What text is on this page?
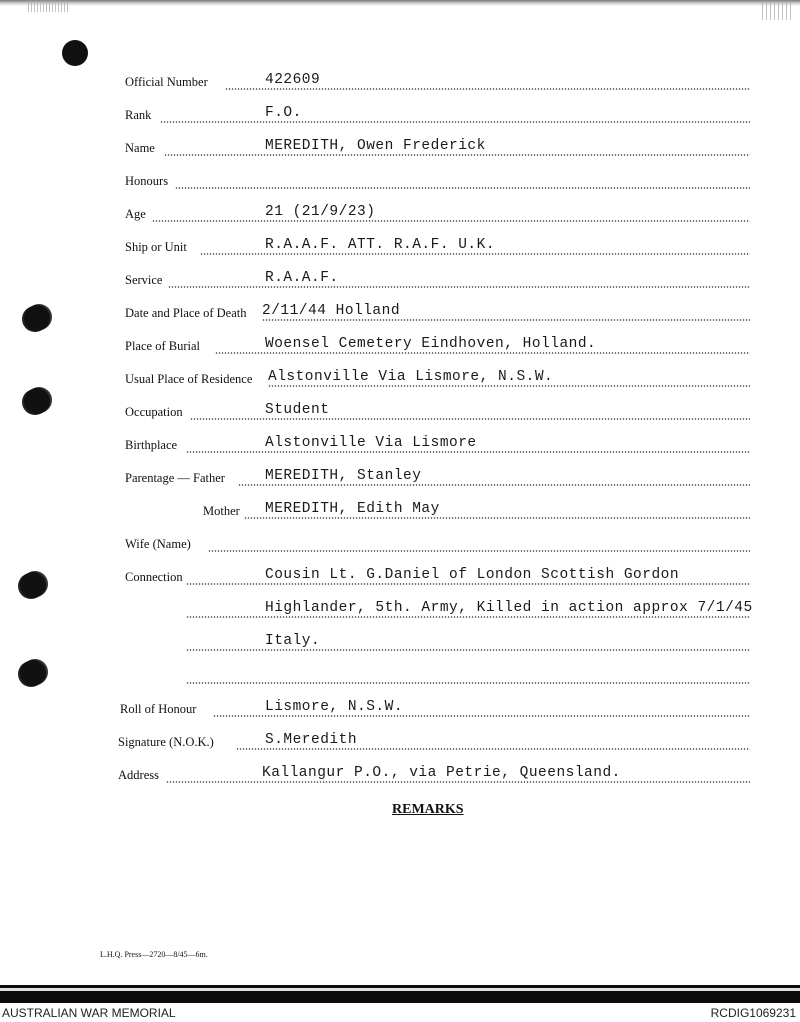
Official Number	422609
Rank	F.O.
Name	MEREDITH, Owen Frederick
Honours
Age	21 (21/9/23)
Ship or Unit	R.A.A.F. ATT. R.A.F. U.K.
Service	R.A.A.F.
Date and Place of Death 2/11/44 Holland
Place of Burial	Woensel Cemetery Eindhoven, Holland.
Usual Place of Residence Alstonville Via Lismore, N.S.W.
Occupation	Student
Birthplace	Alstonville Via Lismore
Parentage — Father	MEREDITH, Stanley
Mother MEREDITH, Edith May
Wife (Name)
Connection	Cousin Lt. G.Daniel of London Scottish Gordon
Highlander, 5th. Army, Killed in action approx 7/1/45
Italy.
Roll of Honour	Lismore, N.S.W.
Signature (N.O.K.)	S.Meredith
Address	Kallangur P.O., via Petrie, Queensland.
REMARKS
L.H.Q. Press—2720—8/45—6m.
AUSTRALIAN WAR MEMORIAL	RCDIG1069231
